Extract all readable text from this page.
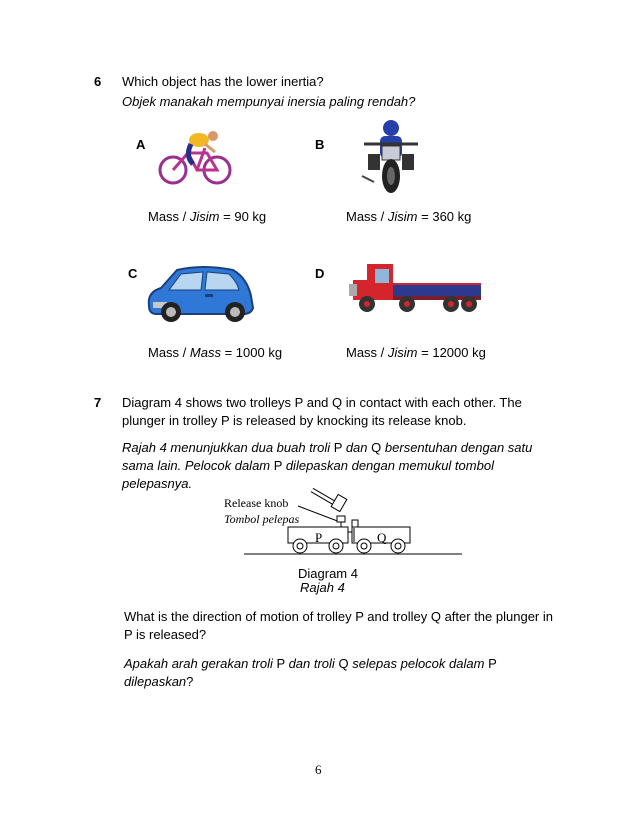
6 Which object has the lower inertia?
Objek manakah mempunyai inersia paling rendah?
A
Mass / Jisim = 90 kg
B
Mass / Jisim = 360 kg
C
Mass / Mass = 1000 kg
D
Mass / Jisim = 12000 kg
7 Diagram 4 shows two trolleys P and Q in contact with each other. The
plunger in trolley P is released by knocking its release knob.
Rajah 4 menunjukkan dua buah troli P dan Q bersentuhan dengan satu
sama lain. Pelocok dalam P dilepaskan dengan memukul tombol
pelepasnya.
Release knob
Tombol pelepas
P	Q
Diagram 4
Rajah 4
What is the direction of motion of trolley P and trolley Q after the plunger in
P is released?
Apakah arah gerakan troli P dan troli Q selepas pelocok dalam P
dilepaskan?
6
